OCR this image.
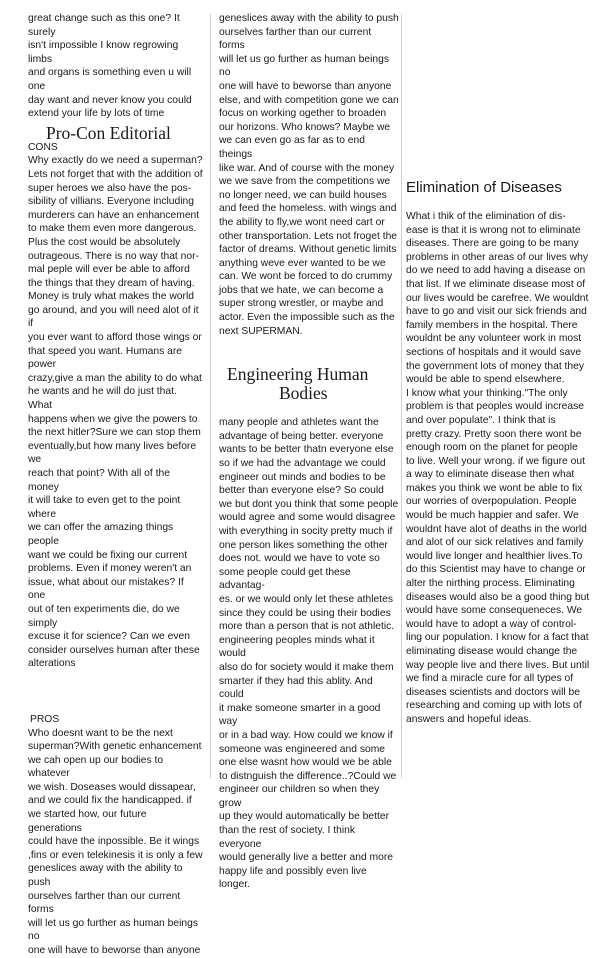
great change such as this one? It surely
isn't impossible I know regrowing limbs
and organs is something even u will one
day want and never know you could
extend your life by lots of time

Pro-Con Editorial

CONS

Why exactly do we need a superman?
Lets not forget that with the addition of
super heroes we also have the pos-
sibility of villians. Everyone including
murderers can have an enhancement
to make them even more dangerous.
Plus the cost would be absolutely
outrageous. There is no way that nor-
mal peple will ever be able to afford
the things that they dream of having.
Money is truly what makes the world
go around, and you will need alot of it if
you ever want to afford those wings or
that speed you want. Humans are power
crazy,give a man the ability to do what
he wants and he will do just that. What
happens when we give the powers to
the next hitler?Sure we can stop them
eventually,but how many lives before we
reach that point? With all of the money
it will take to even get to the point where
we can offer the amazing things people
want we could be fixing our current
problems. Even if money weren't an
issue, what about our mistakes? If one
out of ten experiments die, do we simply
excuse it for science? Can we even
consider ourselves human after these
alterations

PROS

Who doesnt want to be the next
superman?With genetic enhancement
we cah open up our bodies to whatever
we wish. Doseases would dissapear,
and we could fix the handicapped. if
we started how, our future generations
could have the inpossible. Be it wings
,fins or even telekinesis it is only a few
geneslices away with the ability to push
ourselves farther than our current forms
will let us go further as human beings no
one will have to beworse than anyone

geneslices away with the ability to push
ourselves farther than our current forms
will let us go further as human beings no
one will have to beworse than anyone
else, and with competition gone we can
focus on working ogether to broaden
our horizons. Who knows? Maybe we
we can even go as far as to end theings
like war. And of course with the money
we we save from the competitions we
no longer need, we can build houses
and feed the homeless. with wings and
the ability to fly,we wont need cart or
other transportation. Lets not froget the
factor of dreams. Without genetic limits
anything weve ever wanted to be we
can. We wont be forced to do crummy
jobs that we hate, we can become a
super strong wrestler, or maybe and
actor. Even the impossible such as the
next SUPERMAN.

Engineering Human
Bodies

many people and athletes want the
advantage of being better. everyone
wants to be better thatn everyone else
so if we had the advantage we could
engineer out minds and bodies to be
better than everyone else? So could
we but dont you think that some people
would agree and some would disagree
with everything in socity pretty much if
one person likes something the other
does not. would we have to vote so
some people could get these advantag-
es. or we would only let these athletes
since they could be using their bodies
more than a person that is not athletic.
engineering peoples minds what it would
also do for society would it make them
smarter if they had this ablity. And could
it make someone smarter in a good way
or in a bad way. How could we know if
someone was engineered and some
one else wasnt how would we be able
to distnguish the difference..?Could we
engineer our children so when they grow
up they would automatically be better
than the rest of society. I think everyone
would generally live a better and more
happy life and possibly even live longer.

Elimination of Diseases

What i thik of the elimination of dis-
ease is that it is wrong not to eliminate
diseases. There are going to be many
problems in other areas of our lives why
do we need to add having a disease on
that list. If we eliminate disease most of
our lives would be carefree. We wouldnt
have to go and visit our sick friends and
family members in the hospital. There
wouldnt be any volunteer work in most
sections of hospitals and it would save
the government lots of money that they
would be able to spend elsewhere.
I know what your thinking."The only
problem is that peoples would increase
and over populate". I think that is
pretty crazy. Pretty soon there wont be
enough room on the planet for people
to live. Well your wrong. if we figure out
a way to eliminate disease then what
makes you think we wont be able to fix
our worries of overpopulation. People
would be much happier and safer. We
wouldnt have alot of deaths in the world
and alot of our sick relatives and family
would live longer and healthier lives.To
do this Scientist may have to change or
alter the nirthing process. Eliminating
diseases would also be a good thing but
would have some consequeneces. We
would have to adopt a way of control-
ling our population. I know for a fact that
eliminating disease would change the
way people live and there lives. But until
we find a miracle cure for all types of
diseases scientists and doctors will be
researching and coming up with lots of
answers and hopeful ideas.
